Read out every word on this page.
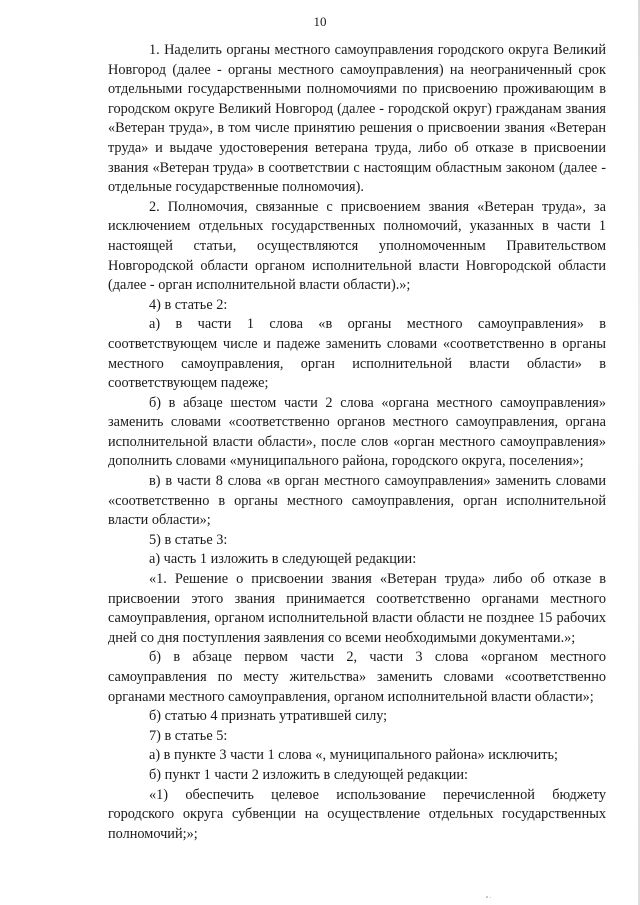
10

1. Наделить органы местного самоуправления городского округа Великий Новгород (далее - органы местного самоуправления) на неограниченный срок отдельными государственными полномочиями по присвоению проживающим в городском округе Великий Новгород (далее - городской округ) гражданам звания «Ветеран труда», в том числе принятию решения о присвоении звания «Ветеран труда» и выдаче удостоверения ветерана труда, либо об отказе в присвоении звания «Ветеран труда» в соответствии с настоящим областным законом (далее - отдельные государственные полномочия).

2. Полномочия, связанные с присвоением звания «Ветеран труда», за исключением отдельных государственных полномочий, указанных в части 1 настоящей статьи, осуществляются уполномоченным Правительством Новгородской области органом исполнительной власти Новгородской области (далее - орган исполнительной власти области).»;

4) в статье 2:

а) в части 1 слова «в органы местного самоуправления» в соответствующем числе и падеже заменить словами «соответственно в органы местного самоуправления, орган исполнительной власти области» в соответствующем падеже;

б) в абзаце шестом части 2 слова «органа местного самоуправления» заменить словами «соответственно органов местного самоуправления, органа исполнительной власти области», после слов «орган местного самоуправления» дополнить словами «муниципального района, городского округа, поселения»;

в) в части 8 слова «в орган местного самоуправления» заменить словами «соответственно в органы местного самоуправления, орган исполнительной власти области»;

5) в статье 3:

а) часть 1 изложить в следующей редакции:

«1. Решение о присвоении звания «Ветеран труда» либо об отказе в присвоении этого звания принимается соответственно органами местного самоуправления, органом исполнительной власти области не позднее 15 рабочих дней со дня поступления заявления со всеми необходимыми документами.»;

б) в абзаце первом части 2, части 3 слова «органом местного самоуправления по месту жительства» заменить словами «соответственно органами местного самоуправления, органом исполнительной власти области»;

б) статью 4 признать утратившей силу;

7) в статье 5:

а) в пункте 3 части 1 слова «, муниципального района» исключить;

б) пункт 1 части 2 изложить в следующей редакции:

«1) обеспечить целевое использование перечисленной бюджету городского округа субвенции на осуществление отдельных государственных полномочий;»;
